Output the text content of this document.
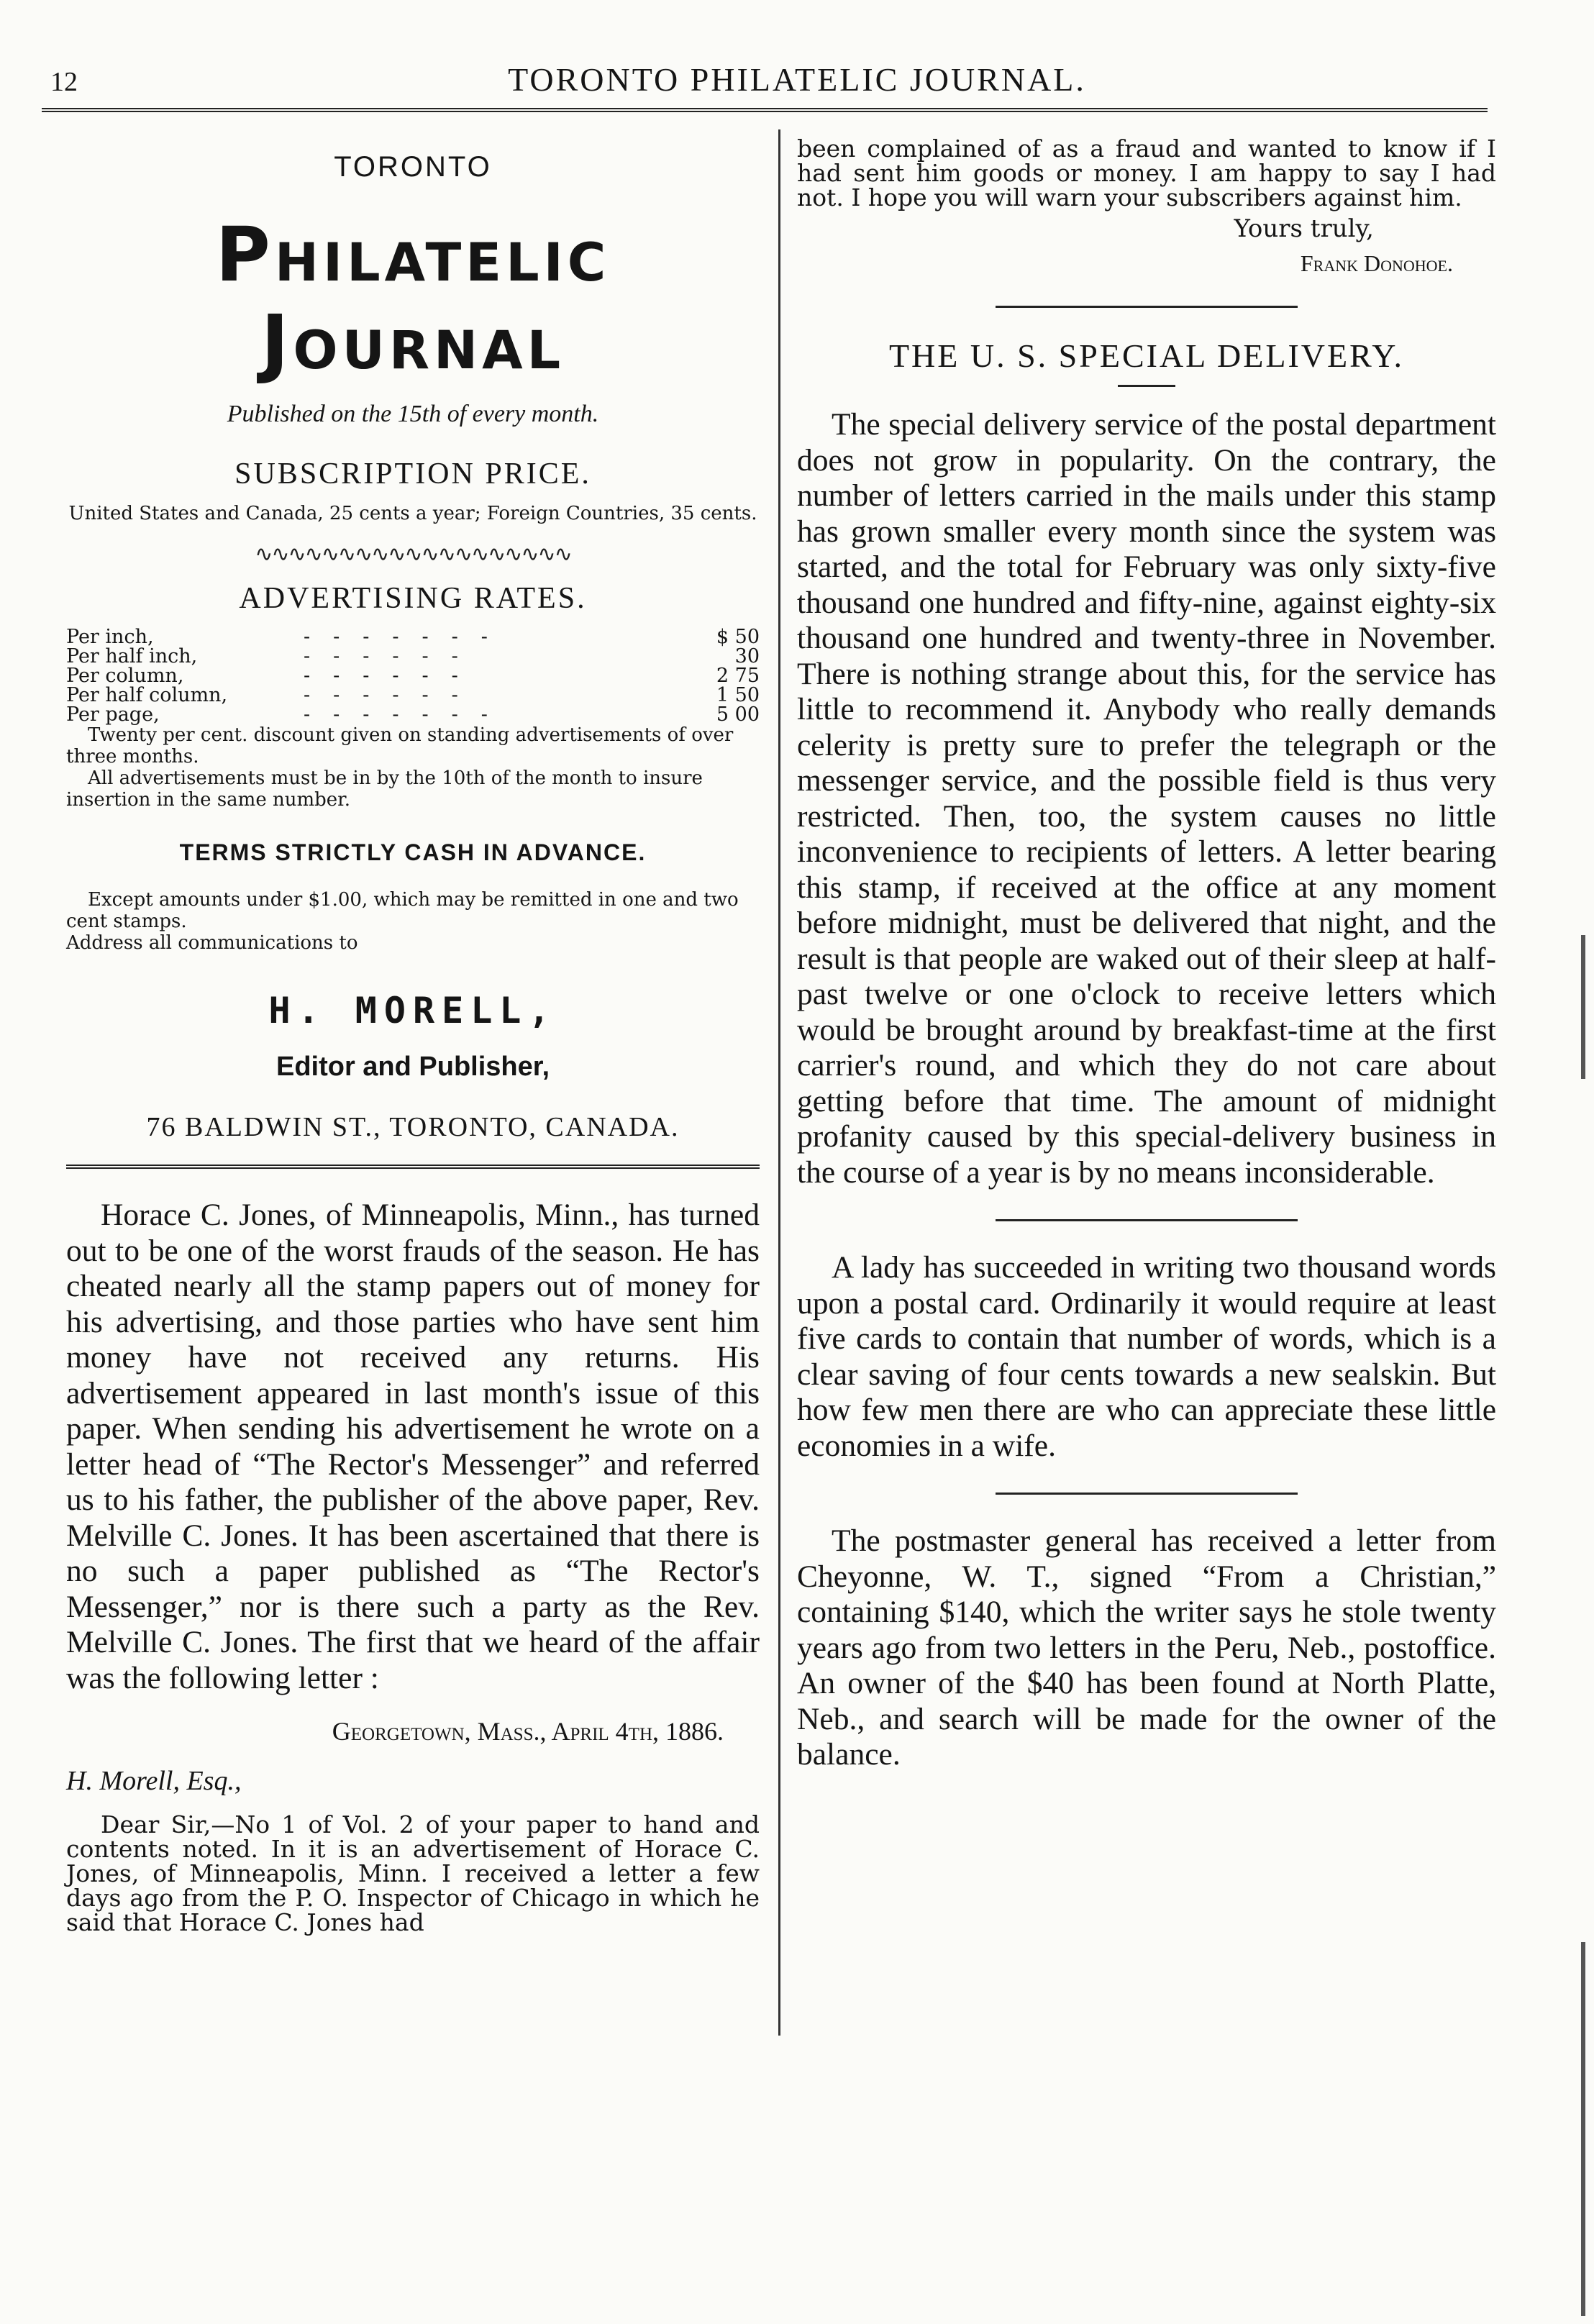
12	TORONTO PHILATELIC JOURNAL.
TORONTO
Philatelic Journal
Published on the 15th of every month.
SUBSCRIPTION PRICE.
United States and Canada, 25 cents a year; Foreign Countries, 35 cents.
∿∿∿∿∿∿∿∿∿∿∿∿∿∿∿∿∿∿∿
ADVERTISING RATES.
Per inch,	-------	$ 50
Per half inch,	------	30
Per column,	------	2 75
Per half column,	------	1 50
Per page,	-------	5 00
Twenty per cent. discount given on standing advertisements of over three months.
All advertisements must be in by the 10th of the month to insure insertion in the same number.
TERMS STRICTLY CASH IN ADVANCE.
Except amounts under $1.00, which may be remitted in one and two cent stamps.
Address all communications to
H. MORELL,
Editor and Publisher,
76 BALDWIN ST., TORONTO, CANADA.

Horace C. Jones, of Minneapolis, Minn., has turned out to be one of the worst frauds of the season. He has cheated nearly all the stamp papers out of money for his advertising, and those parties who have sent him money have not received any returns. His advertisement appeared in last month's issue of this paper. When sending his advertisement he wrote on a letter head of “The Rector's Messenger” and referred us to his father, the publisher of the above paper, Rev. Melville C. Jones. It has been ascertained that there is no such a paper published as “The Rector's Messenger,” nor is there such a party as the Rev. Melville C. Jones. The first that we heard of the affair was the following letter :

Georgetown, Mass., April 4th, 1886.
H. Morell, Esq.,

Dear Sir,—No 1 of Vol. 2 of your paper to hand and contents noted. In it is an advertisement of Horace C. Jones, of Minneapolis, Minn. I received a letter a few days ago from the P. O. Inspector of Chicago in which he said that Horace C. Jones had

been complained of as a fraud and wanted to know if I had sent him goods or money. I am happy to say I had not. I hope you will warn your subscribers against him.

Yours truly,
Frank Donohoe.
THE U. S. SPECIAL DELIVERY.

The special delivery service of the postal department does not grow in popularity. On the contrary, the number of letters carried in the mails under this stamp has grown smaller every month since the system was started, and the total for February was only sixty-five thousand one hundred and fifty-nine, against eighty-six thousand one hundred and twenty-three in November. There is nothing strange about this, for the service has little to recommend it. Anybody who really demands celerity is pretty sure to prefer the telegraph or the messenger service, and the possible field is thus very restricted. Then, too, the system causes no little inconvenience to recipients of letters. A letter bearing this stamp, if received at the office at any moment before midnight, must be delivered that night, and the result is that people are waked out of their sleep at half-past twelve or one o'clock to receive letters which would be brought around by breakfast-time at the first carrier's round, and which they do not care about getting before that time. The amount of midnight profanity caused by this special-delivery business in the course of a year is by no means inconsiderable.

A lady has succeeded in writing two thousand words upon a postal card. Ordinarily it would require at least five cards to contain that number of words, which is a clear saving of four cents towards a new sealskin. But how few men there are who can appreciate these little economies in a wife.

The postmaster general has received a letter from Cheyonne, W. T., signed “From a Christian,” containing $140, which the writer says he stole twenty years ago from two letters in the Peru, Neb., postoffice. An owner of the $40 has been found at North Platte, Neb., and search will be made for the owner of the balance.
